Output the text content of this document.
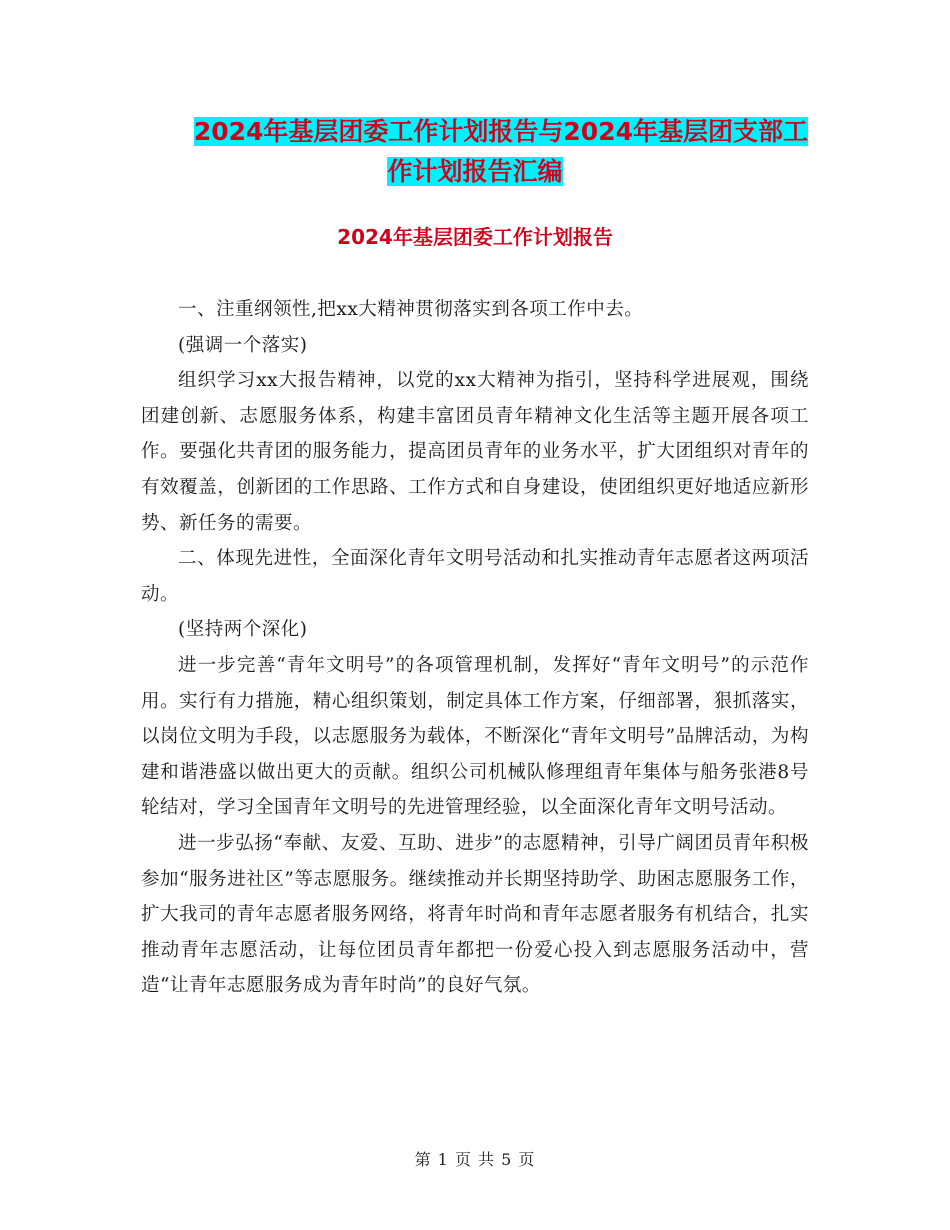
2024年基层团委工作计划报告与2024年基层团支部工
作计划报告汇编
2024年基层团委工作计划报告

一、注重纲领性,把xx大精神贯彻落实到各项工作中去。

(强调一个落实)

组织学习xx大报告精神，以党的xx大精神为指引，坚持科学进展观，围绕团建创新、志愿服务体系，构建丰富团员青年精神文化生活等主题开展各项工作。要强化共青团的服务能力，提高团员青年的业务水平，扩大团组织对青年的有效覆盖，创新团的工作思路、工作方式和自身建设，使团组织更好地适应新形势、新任务的需要。

二、体现先进性，全面深化青年文明号活动和扎实推动青年志愿者这两项活动。

(坚持两个深化)

进一步完善“青年文明号”的各项管理机制，发挥好“青年文明号”的示范作用。实行有力措施，精心组织策划，制定具体工作方案，仔细部署，狠抓落实，以岗位文明为手段，以志愿服务为载体，不断深化“青年文明号”品牌活动，为构建和谐港盛以做出更大的贡献。组织公司机械队修理组青年集体与船务张港8号轮结对，学习全国青年文明号的先进管理经验，以全面深化青年文明号活动。

进一步弘扬“奉献、友爱、互助、进步”的志愿精神，引导广阔团员青年积极参加“服务进社区”等志愿服务。继续推动并长期坚持助学、助困志愿服务工作，扩大我司的青年志愿者服务网络，将青年时尚和青年志愿者服务有机结合，扎实推动青年志愿活动，让每位团员青年都把一份爱心投入到志愿服务活动中，营造“让青年志愿服务成为青年时尚”的良好气氛。

第 1 页 共 5 页
